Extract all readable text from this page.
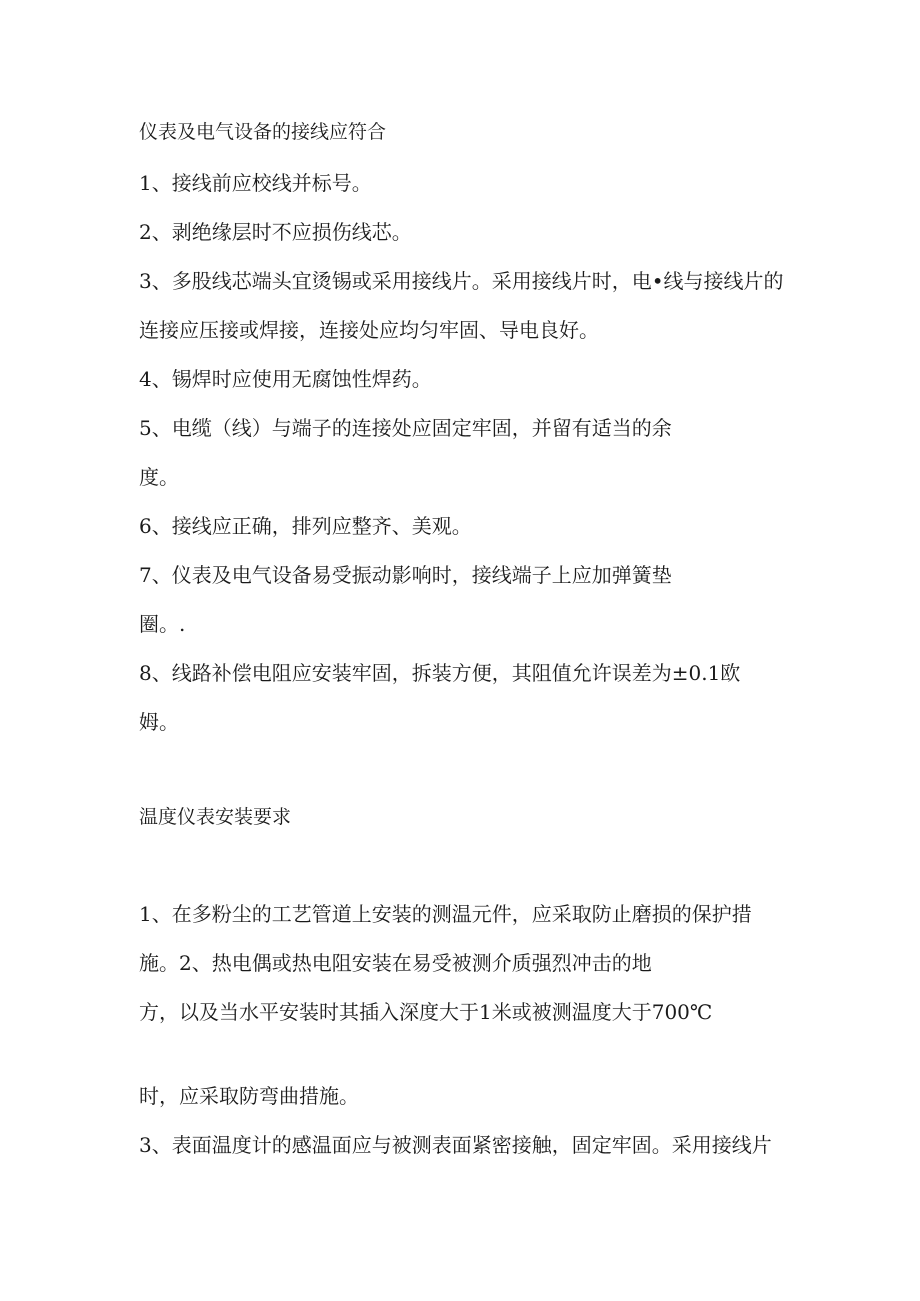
仪表及电气设备的接线应符合

1、接线前应校线并标号。

2、剥绝缘层时不应损伤线芯。

3、多股线芯端头宜烫锡或采用接线片。采用接线片时，电•线与接线片的

连接应压接或焊接，连接处应均匀牢固、导电良好。

4、锡焊时应使用无腐蚀性焊药。

5、电缆（线）与端子的连接处应固定牢固，并留有适当的余

度。

6、接线应正确，排列应整齐、美观。

7、仪表及电气设备易受振动影响时，接线端子上应加弹簧垫

圈。.

8、线路补偿电阻应安装牢固，拆装方便，其阻值允许误差为±0.1欧

姆。

温度仪表安装要求

1、在多粉尘的工艺管道上安装的测温元件，应采取防止磨损的保护措

施。2、热电偶或热电阻安装在易受被测介质强烈冲击的地

方，以及当水平安装时其插入深度大于1米或被测温度大于700℃

时，应采取防弯曲措施。

3、表面温度计的感温面应与被测表面紧密接触，固定牢固。采用接线片
